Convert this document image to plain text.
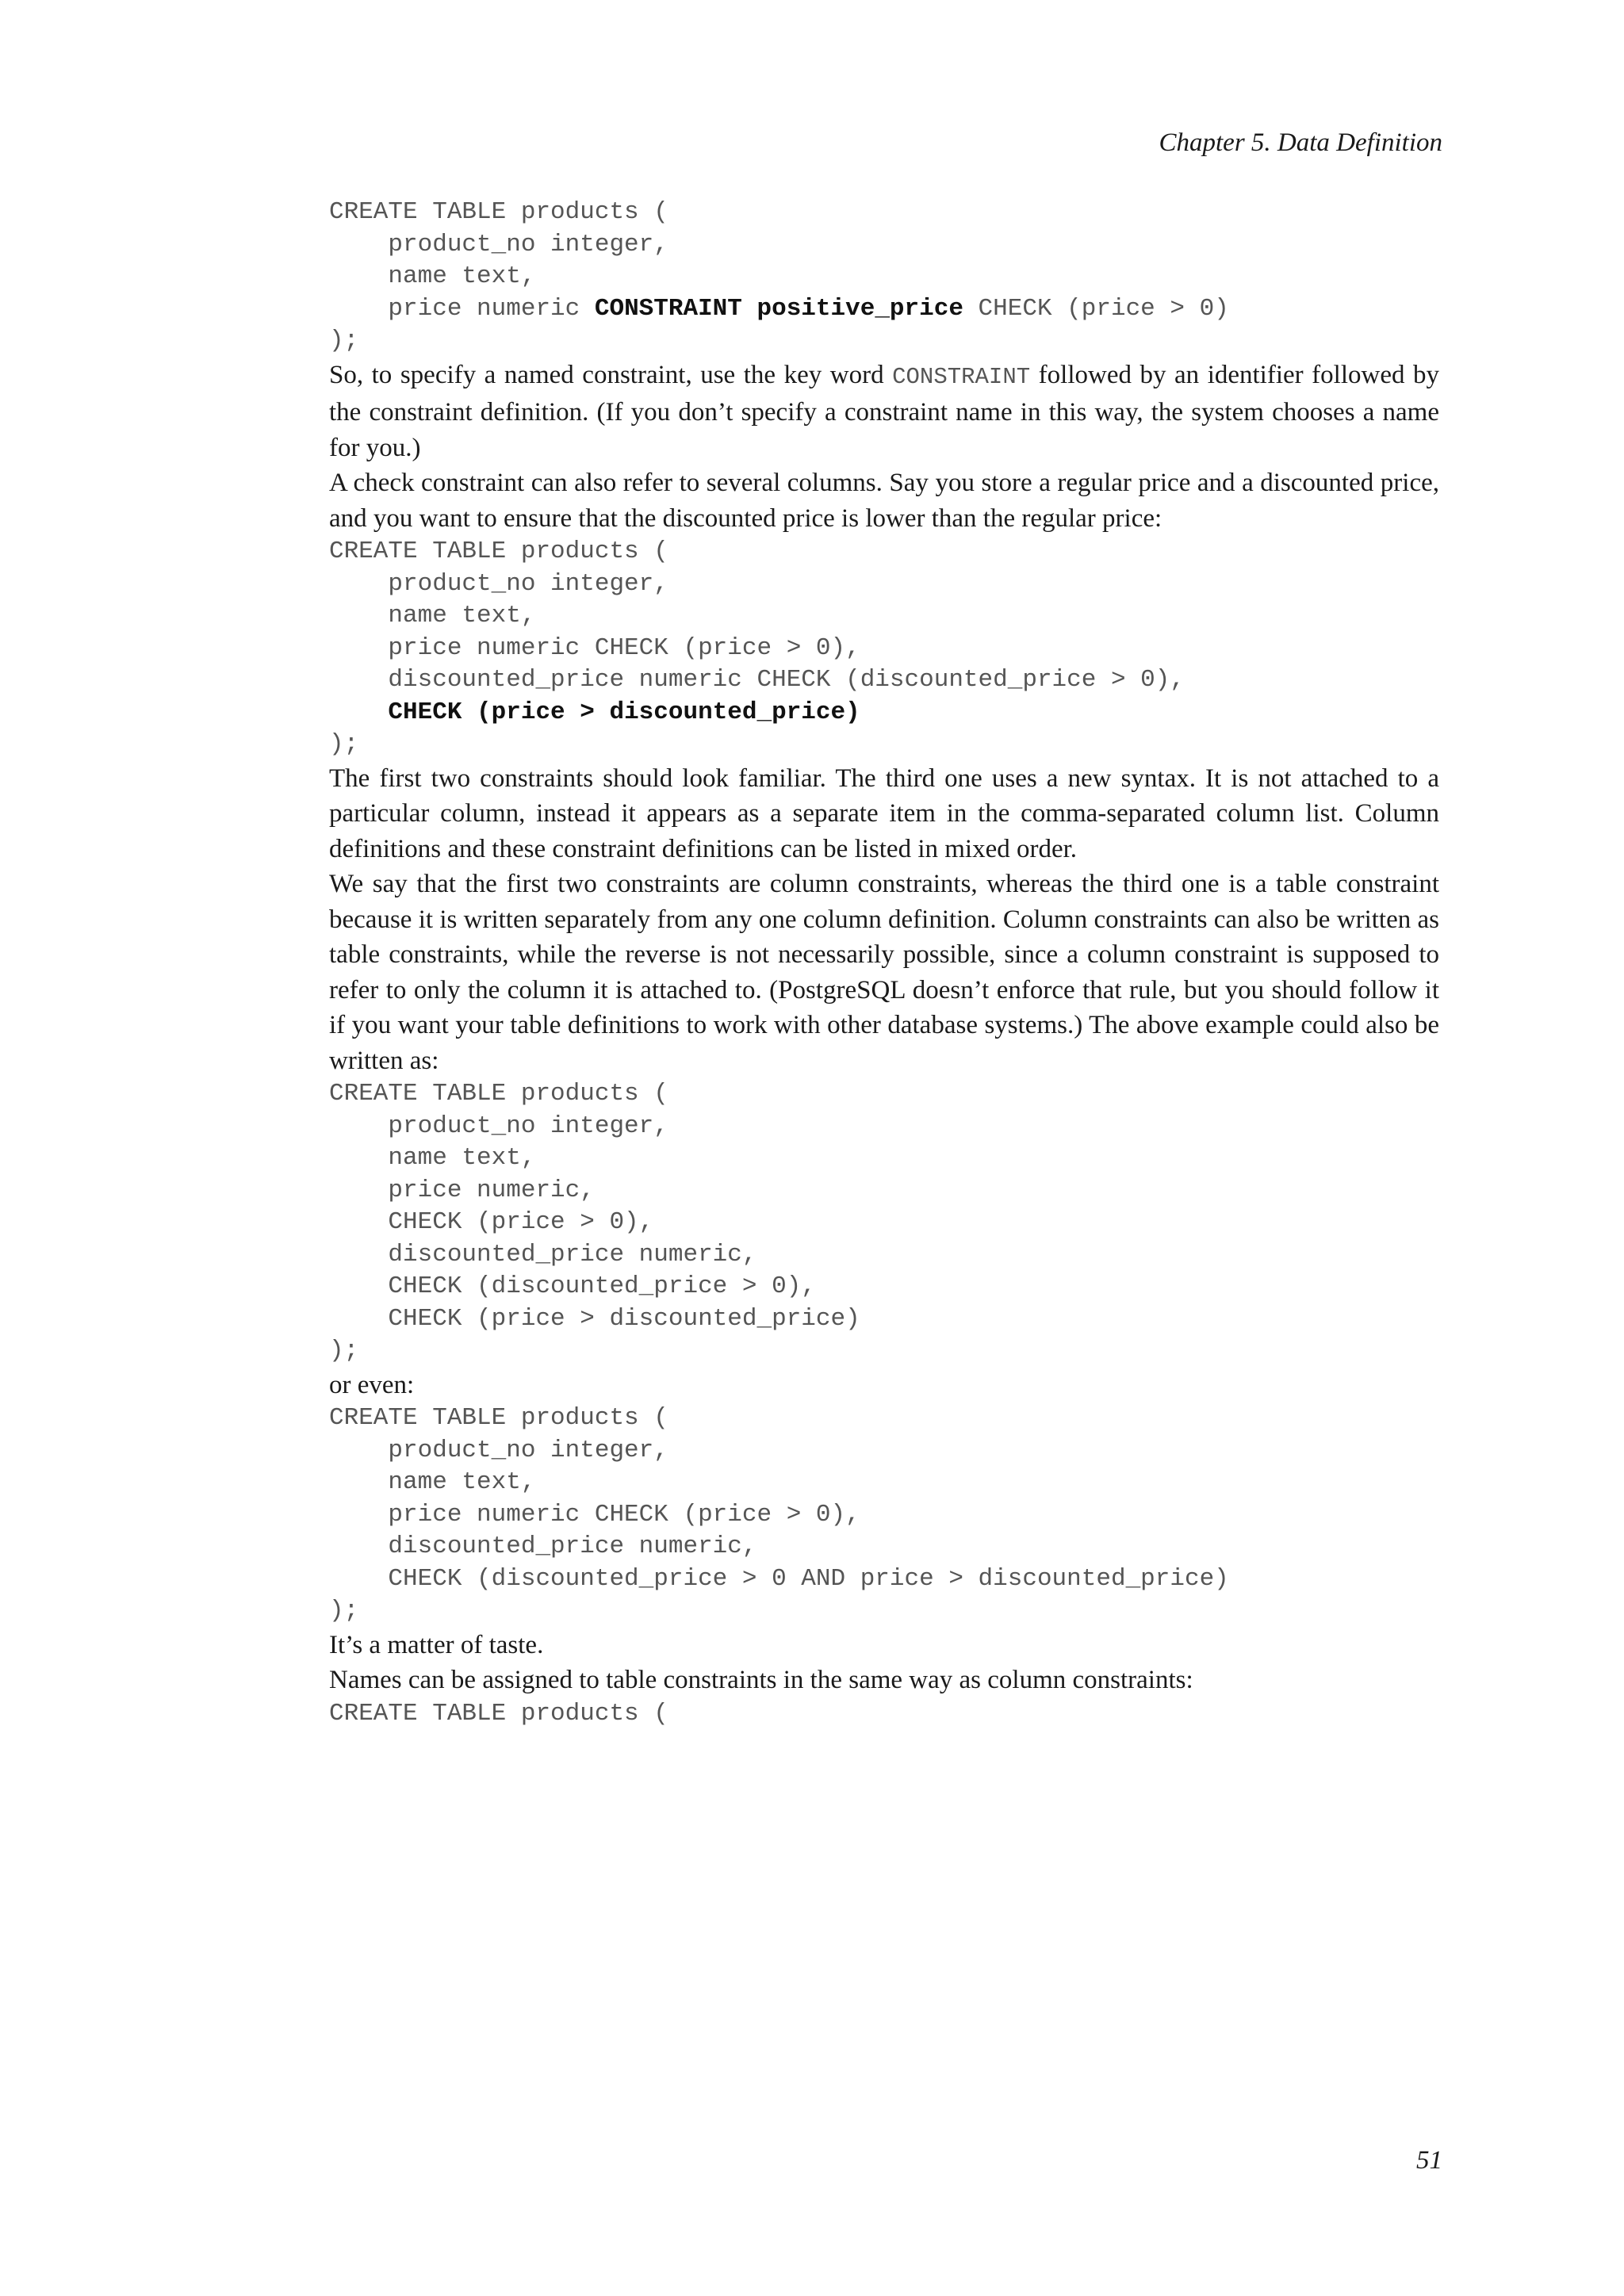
Chapter 5. Data Definition
CREATE TABLE products (
product_no integer,
name text,
price numeric CONSTRAINT positive_price CHECK (price > 0)
);

So, to specify a named constraint, use the key word CONSTRAINT followed by an identifier followed by the constraint definition. (If you don’t specify a constraint name in this way, the system chooses a name for you.)

A check constraint can also refer to several columns. Say you store a regular price and a discounted price, and you want to ensure that the discounted price is lower than the regular price:

CREATE TABLE products (
product_no integer,
name text,
price numeric CHECK (price > 0),
discounted_price numeric CHECK (discounted_price > 0),
CHECK (price > discounted_price)
);

The first two constraints should look familiar. The third one uses a new syntax. It is not attached to a particular column, instead it appears as a separate item in the comma-separated column list. Column definitions and these constraint definitions can be listed in mixed order.

We say that the first two constraints are column constraints, whereas the third one is a table constraint because it is written separately from any one column definition. Column constraints can also be written as table constraints, while the reverse is not necessarily possible, since a column constraint is supposed to refer to only the column it is attached to. (PostgreSQL doesn’t enforce that rule, but you should follow it if you want your table definitions to work with other database systems.) The above example could also be written as:

CREATE TABLE products (
product_no integer,
name text,
price numeric,
CHECK (price > 0),
discounted_price numeric,
CHECK (discounted_price > 0),
CHECK (price > discounted_price)
);

or even:

CREATE TABLE products (
product_no integer,
name text,
price numeric CHECK (price > 0),
discounted_price numeric,
CHECK (discounted_price > 0 AND price > discounted_price)
);

It’s a matter of taste.

Names can be assigned to table constraints in the same way as column constraints:

CREATE TABLE products (
51
